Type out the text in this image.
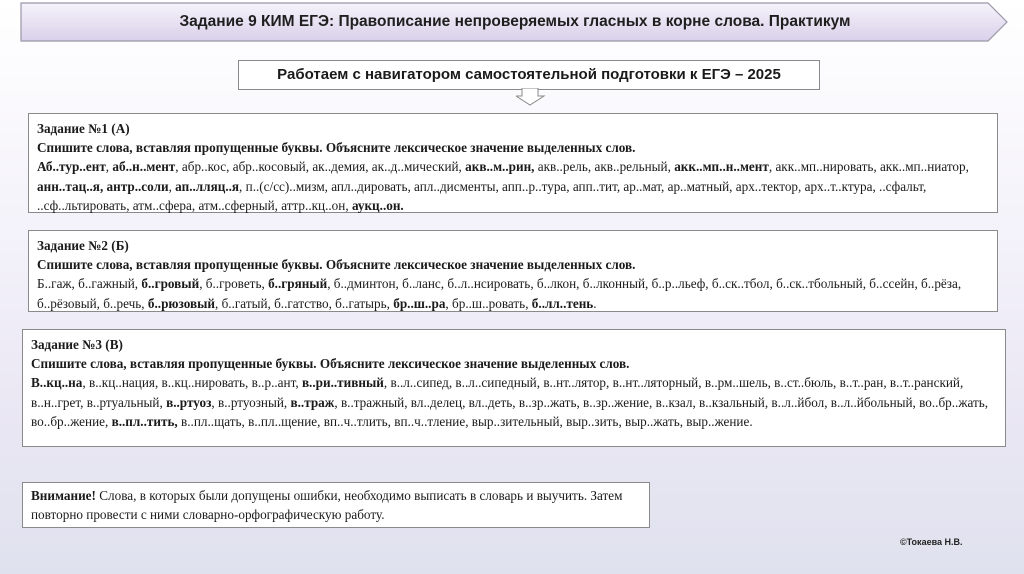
Задание 9 КИМ ЕГЭ: Правописание непроверяемых гласных в корне слова. Практикум
Работаем с навигатором самостоятельной подготовки к ЕГЭ – 2025
Задание №1 (А)
Спишите слова, вставляя пропущенные буквы. Объясните лексическое значение выделенных слов.
Аб..тур..ент, аб..н..мент, абр..кос, абр..косовый, ак..демия, ак..д..мический, акв..м..рин, акв..рель, акв..рельный, акк..мп..н..мент, акк..мп..нировать, акк..мп..ниатор, анн..тац..я, антр..соли, ап..лляц..я, п..(с/сс)..мизм, апл..дировать, апл..дисменты, апп..р..тура, апп..тит, ар..мат, ар..матный, арх..тектор, арх..т..ктура, ..сфальт, ..сф..льтировать, атм..сфера, атм..сферный, аттр..кц..он, аукц..он.
Задание №2 (Б)
Спишите слова, вставляя пропущенные буквы. Объясните лексическое значение выделенных слов.
Б..гаж, б..гажный, б..гровый, б..гроветь, б..гряный, б..дминтон, б..ланс, б..л..нсировать, б..лкон, б..лконный, б..р..льеф, б..ск..тбол, б..ск..тбольный, б..ссейн, б..рёза, б..рёзовый, б..речь, б..рюзовый, б..гатый, б..гатство, б..гатырь, бр..ш..ра, бр..ш..ровать, б..лл..тень.
Задание №3 (В)
Спишите слова, вставляя пропущенные буквы. Объясните лексическое значение выделенных слов.
В..кц..на, в..кц..нация, в..кц..нировать, в..р..ант, в..ри..тивный, в..л..сипед, в..л..сипедный, в..нт..лятор, в..нт..ляторный, в..рм..шель, в..ст..бюль, в..т..ран, в..т..ранский, в..н..грет, в..ртуальный, в..ртуоз, в..ртуозный, в..траж, в..тражный, вл..делец, вл..деть, в..зр..жать, в..зр..жение, в..кзал, в..кзальный, в..л..йбол, в..л..йбольный, во..бр..жать, во..бр..жение, в..пл..тить, в..пл..щать, в..пл..щение, вп..ч..тлить, вп..ч..тление, выр..зительный, выр..зить, выр..жать, выр..жение.
Внимание! Слова, в которых были допущены ошибки, необходимо выписать в словарь и выучить. Затем повторно провести с ними словарно-орфографическую работу.
©Токаева Н.В.
